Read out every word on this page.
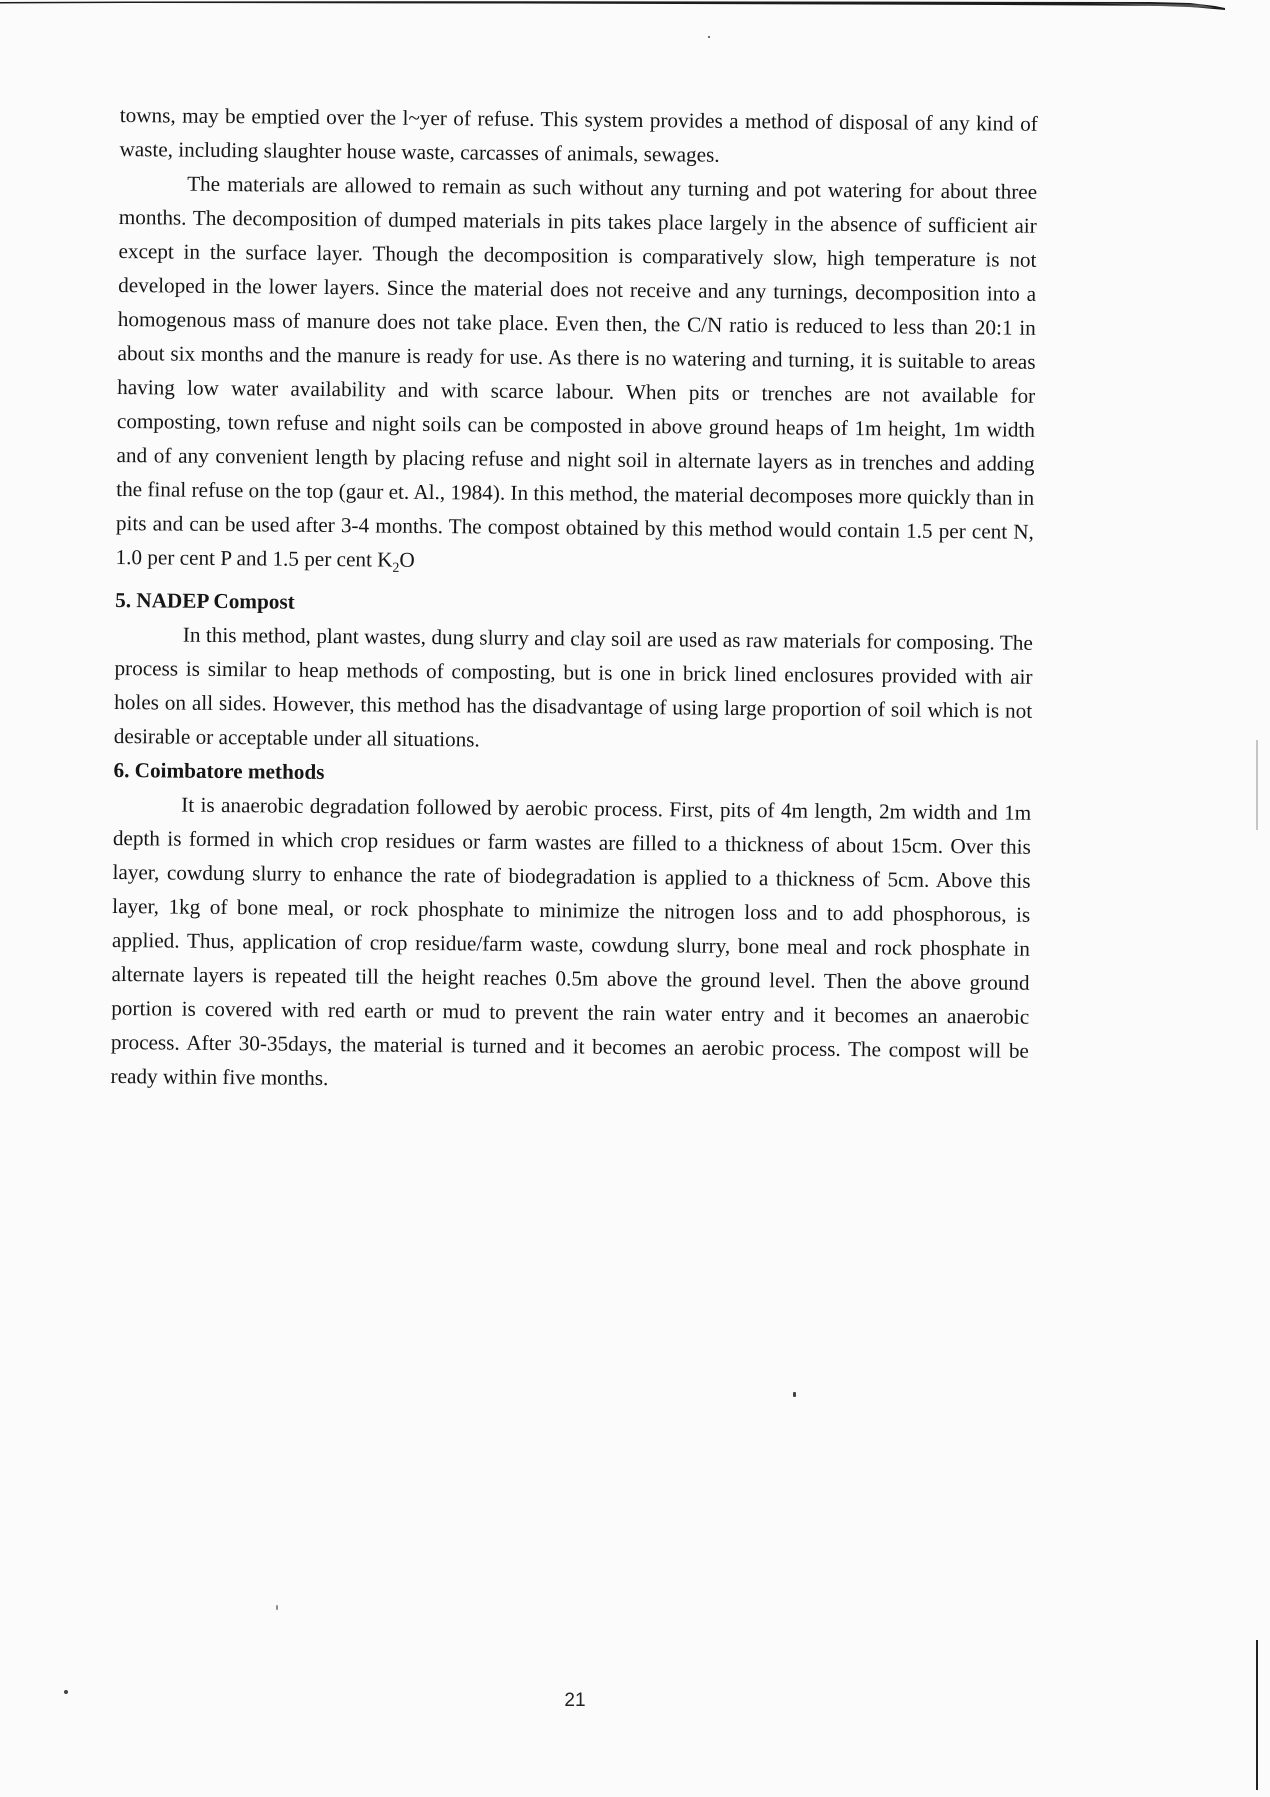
towns, may be emptied over the l~yer of refuse. This system provides a method of disposal of any kind of waste, including slaughter house waste, carcasses of animals, sewages.

The materials are allowed to remain as such without any turning and pot watering for about three months. The decomposition of dumped materials in pits takes place largely in the absence of sufficient air except in the surface layer. Though the decomposition is comparatively slow, high temperature is not developed in the lower layers. Since the material does not receive and any turnings, decomposition into a homogenous mass of manure does not take place. Even then, the C/N ratio is reduced to less than 20:1 in about six months and the manure is ready for use. As there is no watering and turning, it is suitable to areas having low water availability and with scarce labour. When pits or trenches are not available for composting, town refuse and night soils can be composted in above ground heaps of 1m height, 1m width and of any convenient length by placing refuse and night soil in alternate layers as in trenches and adding the final refuse on the top (gaur et. Al., 1984). In this method, the material decomposes more quickly than in pits and can be used after 3-4 months. The compost obtained by this method would contain 1.5 per cent N, 1.0 per cent P and 1.5 per cent $K_2O$

5. NADEP Compost

In this method, plant wastes, dung slurry and clay soil are used as raw materials for composing. The process is similar to heap methods of composting, but is one in brick lined enclosures provided with air holes on all sides. However, this method has the disadvantage of using large proportion of soil which is not desirable or acceptable under all situations.

6. Coimbatore methods

It is anaerobic degradation followed by aerobic process. First, pits of 4m length, 2m width and 1m depth is formed in which crop residues or farm wastes are filled to a thickness of about 15cm. Over this layer, cowdung slurry to enhance the rate of biodegradation is applied to a thickness of 5cm. Above this layer, 1kg of bone meal, or rock phosphate to minimize the nitrogen loss and to add phosphorous, is applied. Thus, application of crop residue/farm waste, cowdung slurry, bone meal and rock phosphate in alternate layers is repeated till the height reaches 0.5m above the ground level. Then the above ground portion is covered with red earth or mud to prevent the rain water entry and it becomes an anaerobic process. After 30-35days, the material is turned and it becomes an aerobic process. The compost will be ready within five months.

21
